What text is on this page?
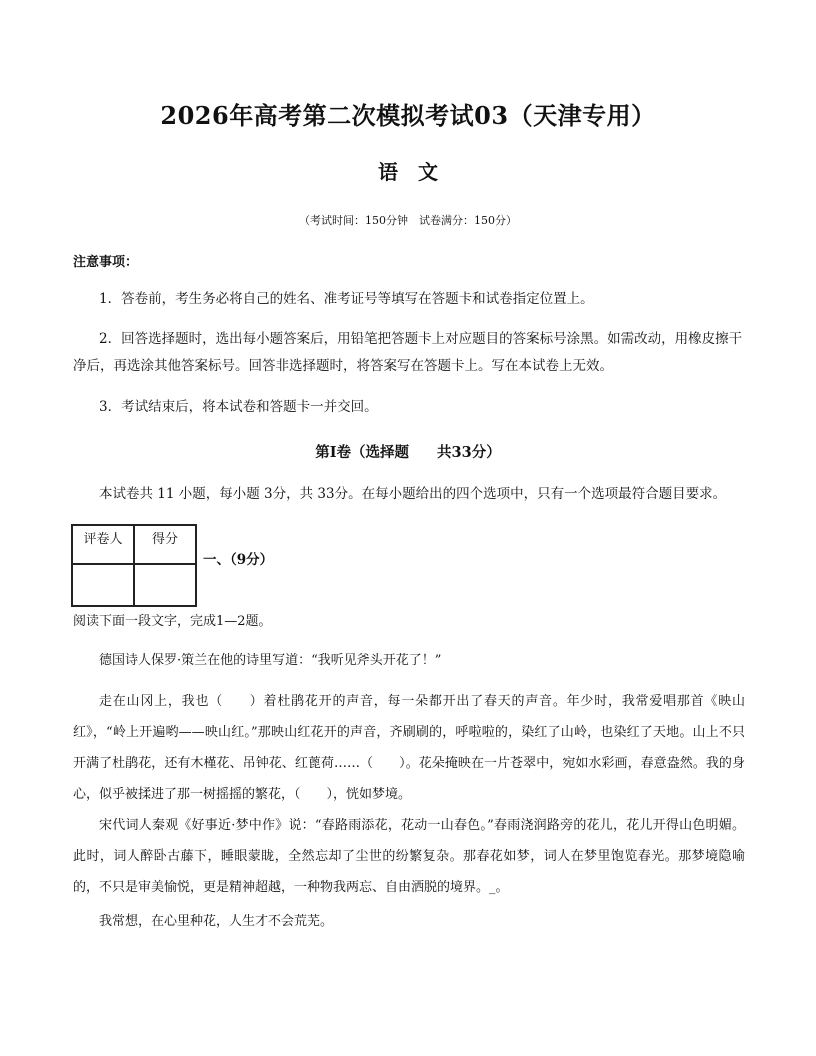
2026年高考第二次模拟考试03（天津专用）
语　文
（考试时间：150分钟　试卷满分：150分）
注意事项：
1．答卷前，考生务必将自己的姓名、准考证号等填写在答题卡和试卷指定位置上。
2．回答选择题时，选出每小题答案后，用铅笔把答题卡上对应题目的答案标号涂黑。如需改动，用橡皮擦干净后，再选涂其他答案标号。回答非选择题时，将答案写在答题卡上。写在本试卷上无效。
3．考试结束后，将本试卷和答题卡一并交回。
第Ⅰ卷（选择题 共33分）
本试卷共 11 小题，每小题 3分，共 33分。在每小题给出的四个选项中，只有一个选项最符合题目要求。
评卷人	得分

一、（9分）
阅读下面一段文字，完成1—2题。
德国诗人保罗·策兰在他的诗里写道：“我听见斧头开花了！”
走在山冈上，我也（ ）着杜鹃花开的声音，每一朵都开出了春天的声音。年少时，我常爱唱那首《映山红》，“岭上开遍哟——映山红。”那映山红花开的声音，齐刷刷的，呼啦啦的，染红了山岭，也染红了天地。山上不只开满了杜鹃花，还有木槿花、吊钟花、红蓖荷……（ ）。花朵掩映在一片苍翠中，宛如水彩画，春意盎然。我的身心，似乎被揉进了那一树摇摇的繁花，（ ），恍如梦境。
宋代词人秦观《好事近·梦中作》说：“春路雨添花，花动一山春色。”春雨浇润路旁的花儿，花儿开得山色明媚。此时，词人醉卧古藤下，睡眼蒙眬，全然忘却了尘世的纷繁复杂。那春花如梦，词人在梦里饱览春光。那梦境隐喻的，不只是审美愉悦，更是精神超越，一种物我两忘、自由洒脱的境界。_。
我常想，在心里种花，人生才不会荒芜。
